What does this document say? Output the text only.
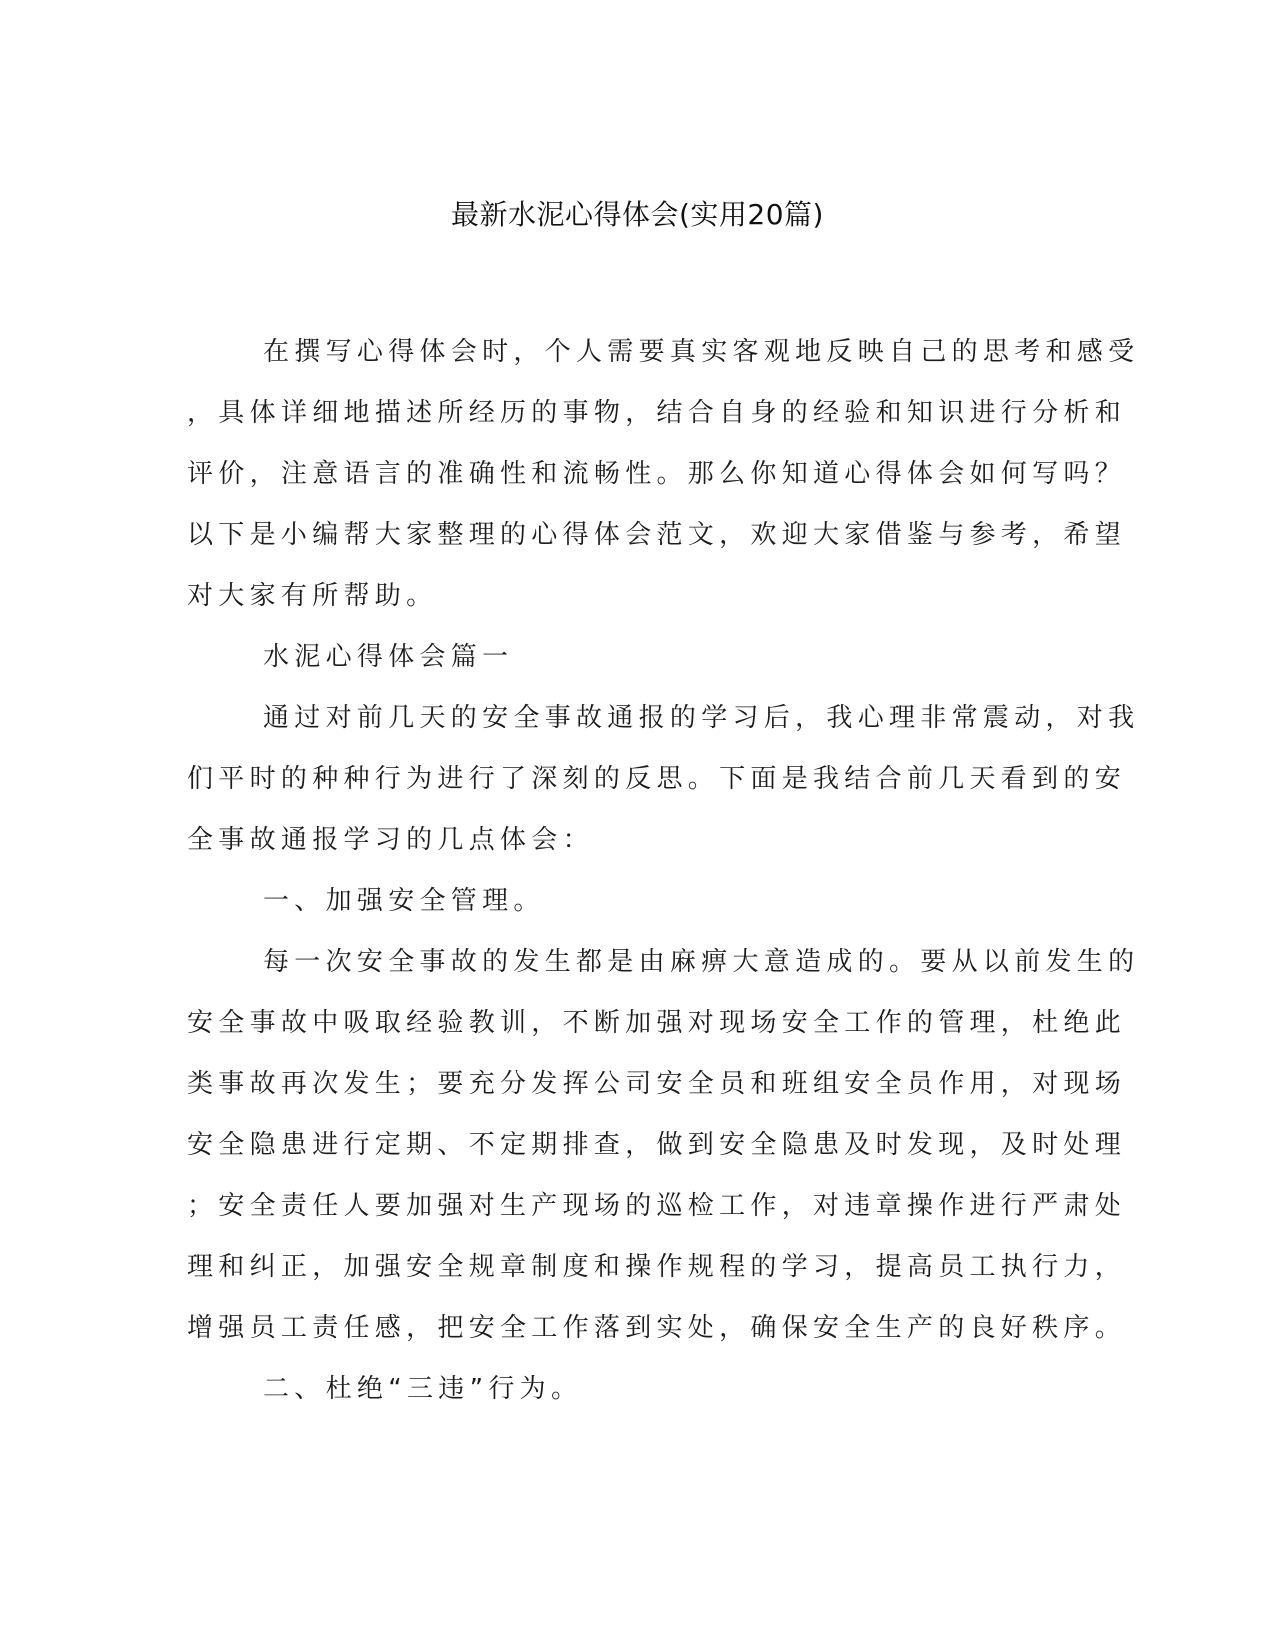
最新水泥心得体会(实用20篇)
在撰写心得体会时，个人需要真实客观地反映自己的思考和感受
，具体详细地描述所经历的事物，结合自身的经验和知识进行分析和
评价，注意语言的准确性和流畅性。那么你知道心得体会如何写吗？
以下是小编帮大家整理的心得体会范文，欢迎大家借鉴与参考，希望
对大家有所帮助。
水泥心得体会篇一
通过对前几天的安全事故通报的学习后，我心理非常震动，对我
们平时的种种行为进行了深刻的反思。下面是我结合前几天看到的安
全事故通报学习的几点体会：
一、加强安全管理。
每一次安全事故的发生都是由麻痹大意造成的。要从以前发生的
安全事故中吸取经验教训，不断加强对现场安全工作的管理，杜绝此
类事故再次发生；要充分发挥公司安全员和班组安全员作用，对现场
安全隐患进行定期、不定期排查，做到安全隐患及时发现，及时处理
；安全责任人要加强对生产现场的巡检工作，对违章操作进行严肃处
理和纠正，加强安全规章制度和操作规程的学习，提高员工执行力，
增强员工责任感，把安全工作落到实处，确保安全生产的良好秩序。
二、杜绝“三违”行为。
